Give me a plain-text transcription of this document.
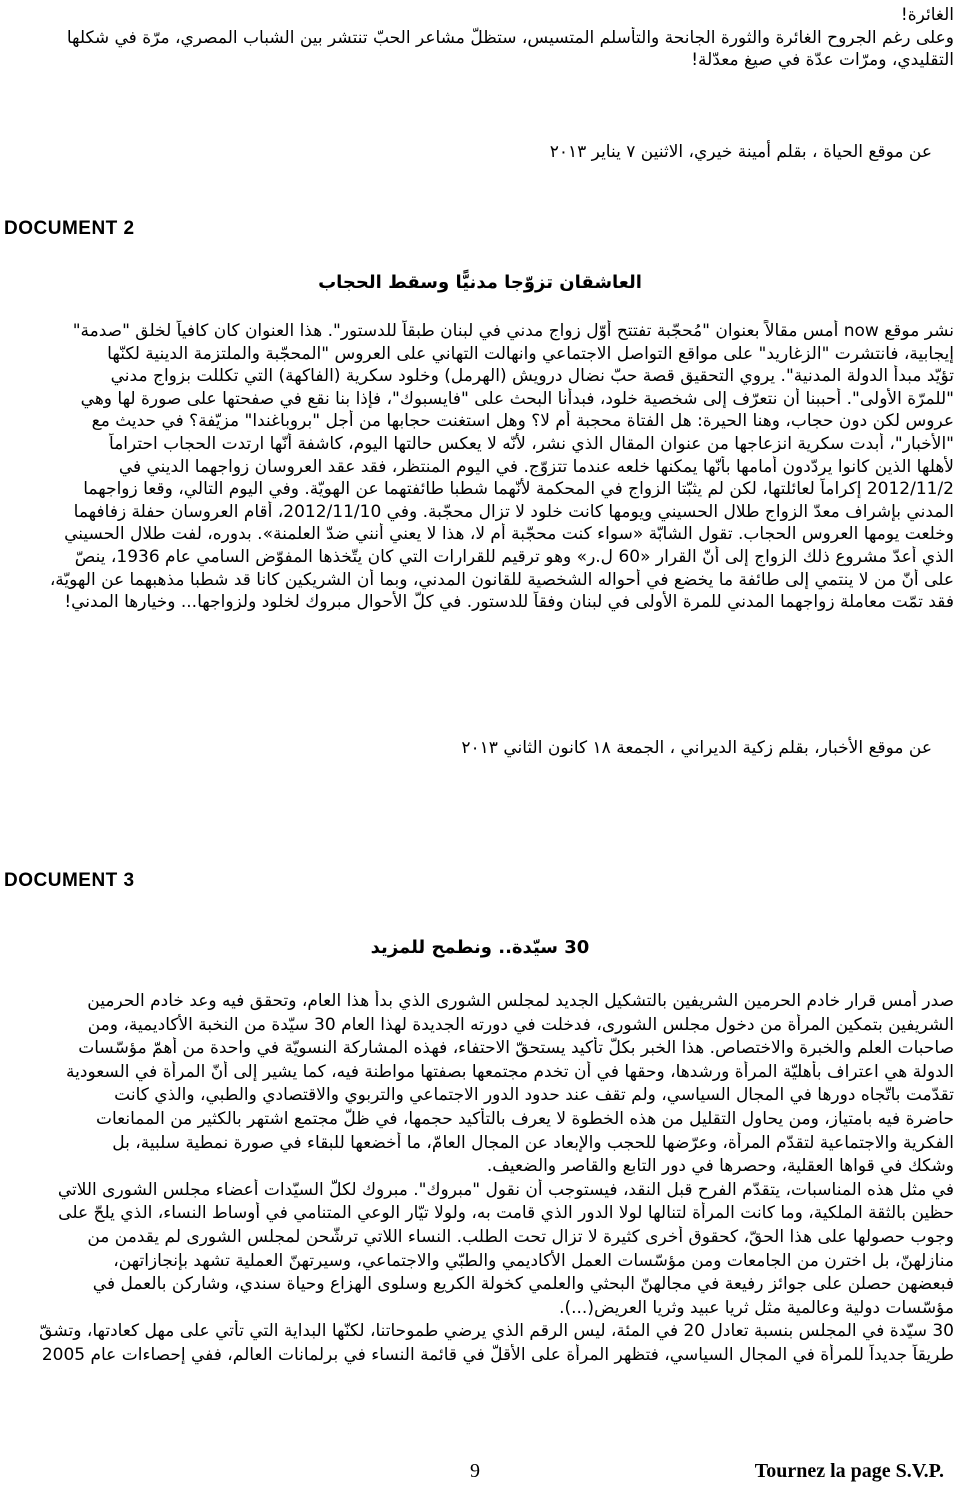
الغائرة!
وعلى رغم الجروح الغائرة والثورة الجانحة والتأسلم المتسيس، ستظلّ مشاعر الحبّ تنتشر بين الشباب المصري، مرّة في شكلها
التقليدي، ومرّات عدّة في صيغ معدّلة!
عن موقع الحياة ، بقلم أمينة خيري، الاثنين ٧ يناير ٢٠١٣
DOCUMENT 2
العاشقان تزوّجا مدنيًّا وسقط الحجاب
نشر موقع now أمس مقالاً بعنوان "مُحجّبة تفتتح أوّل زواج مدني في لبنان طبقاً للدستور". هذا العنوان كان كافياً لخلق "صدمة"
إيجابية، فانتشرت "الزغاريد" على مواقع التواصل الاجتماعي وانهالت التهاني على العروس "المحجّبة والملتزمة الدينية لكنّها
تؤيّد مبدأ الدولة المدنية". يروي التحقيق قصة حبّ نضال درويش (الهرمل) وخلود سكرية (الفاكهة) التي تكللت بزواج مدني
"للمرّة الأولى". أحببنا أن نتعرّف إلى شخصية خلود، فبدأنا البحث على "فايسبوك"، فإذا بنا نقع في صفحتها على صورة لها وهي
عروس لكن دون حجاب، وهنا الحيرة: هل الفتاة محجبة أم لا؟ وهل استغنت حجابها من أجل "بروباغندا" مزيّفة؟ في حديث مع
"الأخبار"، أبدت سكرية انزعاجها من عنوان المقال الذي نشر، لأنّه لا يعكس حالتها اليوم، كاشفة أنّها ارتدت الحجاب احتراماً
لأهلها الذين كانوا يردّدون أمامها بأنّها يمكنها خلعه عندما تتزوّج. في اليوم المنتظر، فقد عقد العروسان زواجهما الديني في
2012/11/2 إكراماً لعائلتها، لكن لم يثبّتا الزواج في المحكمة لأنّهما شطبا طائفتهما عن الهويّة. وفي اليوم التالي، وقعا زواجهما
المدني بإشراف معدّ الزواج طلال الحسيني ويومها كانت خلود لا تزال محجّبة. وفي 2012/11/10، أقام العروسان حفلة زفافهما
وخلعت يومها العروس الحجاب. تقول الشابّة «سواء كنت محجّبة أم لا، هذا لا يعني أنني ضدّ العلمنة». بدوره، لفت طلال الحسيني
الذي أعدّ مشروع ذلك الزواج إلى أنّ القرار «60 ل.ر» وهو ترقيم للقرارات التي كان يتّخذها المفوّض السامي عام 1936، ينصّ
على أنّ من لا ينتمي إلى طائفة ما يخضع في أحواله الشخصية للقانون المدني، وبما أن الشريكين كانا قد شطبا مذهبهما عن الهويّة،
فقد تمّت معاملة زواجهما المدني للمرة الأولى في لبنان وفقاً للدستور. في كلّ الأحوال مبروك لخلود ولزواجها... وخيارها المدني!
عن موقع الأخبار، بقلم زكية الديراني ، الجمعة ١٨ كانون الثاني ٢٠١٣
DOCUMENT 3
30 سيّدة.. ونطمح للمزيد
صدر أمس قرار خادم الحرمين الشريفين بالتشكيل الجديد لمجلس الشورى الذي بدأ هذا العام، وتحقق فيه وعد خادم الحرمين
الشريفين بتمكين المرأة من دخول مجلس الشورى، فدخلت في دورته الجديدة لهذا العام 30 سيّدة من النخبة الأكاديمية، ومن
صاحبات العلم والخبرة والاختصاص. هذا الخبر بكلّ تأكيد يستحقّ الاحتفاء، فهذه المشاركة النسويّة في واحدة من أهمّ مؤسّسات
الدولة هي اعتراف بأهليّة المرأة ورشدها، وحقها في أن تخدم مجتمعها بصفتها مواطنة فيه، كما يشير إلى أنّ المرأة في السعودية
تقدّمت باتّجاه دورها في المجال السياسي، ولم تقف عند حدود الدور الاجتماعي والتربوي والاقتصادي والطبي، والذي كانت
حاضرة فيه بامتياز، ومن يحاول التقليل من هذه الخطوة لا يعرف بالتأكيد حجمها، في ظلّ مجتمع اشتهر بالكثير من الممانعات
الفكرية والاجتماعية لتقدّم المرأة، وعرّضها للحجب والإبعاد عن المجال العامّ، ما أخضعها للبقاء في صورة نمطية سلبية، بل
وشكك في قواها العقلية، وحصرها في دور التابع والقاصر والضعيف.
في مثل هذه المناسبات، يتقدّم الفرح قبل النقد، فيستوجب أن نقول "مبروك". مبروك لكلّ السيّدات أعضاء مجلس الشورى اللاتي
حظين بالثقة الملكية، وما كانت المرأة لتنالها لولا الدور الذي قامت به، ولولا تيّار الوعي المتنامي في أوساط النساء، الذي يلحّ على
وجوب حصولها على هذا الحقّ، كحقوق أخرى كثيرة لا تزال تحت الطلب. النساء اللاتي ترشّحن لمجلس الشورى لم يقدمن من
منازلهنّ، بل اخترن من الجامعات ومن مؤسّسات العمل الأكاديمي والطبّي والاجتماعي، وسيرتهنّ العملية تشهد بإنجازاتهن،
فبعضهن حصلن على جوائز رفيعة في مجالهنّ البحثي والعلمي كخولة الكريع وسلوى الهزاع وحياة سندي، وشاركن بالعمل في
مؤسّسات دولية وعالمية مثل ثريا عبيد وثريا العريض(...).
30 سيّدة في المجلس بنسبة تعادل 20 في المئة، ليس الرقم الذي يرضي طموحاتنا، لكنّها البداية التي تأتي على مهل كعادتها، وتشقّ
طريقاً جديداً للمرأة في المجال السياسي، فتظهر المرأة على الأقلّ في قائمة النساء في برلمانات العالم، ففي إحصاءات عام 2005
9	Tournez la page S.V.P.
